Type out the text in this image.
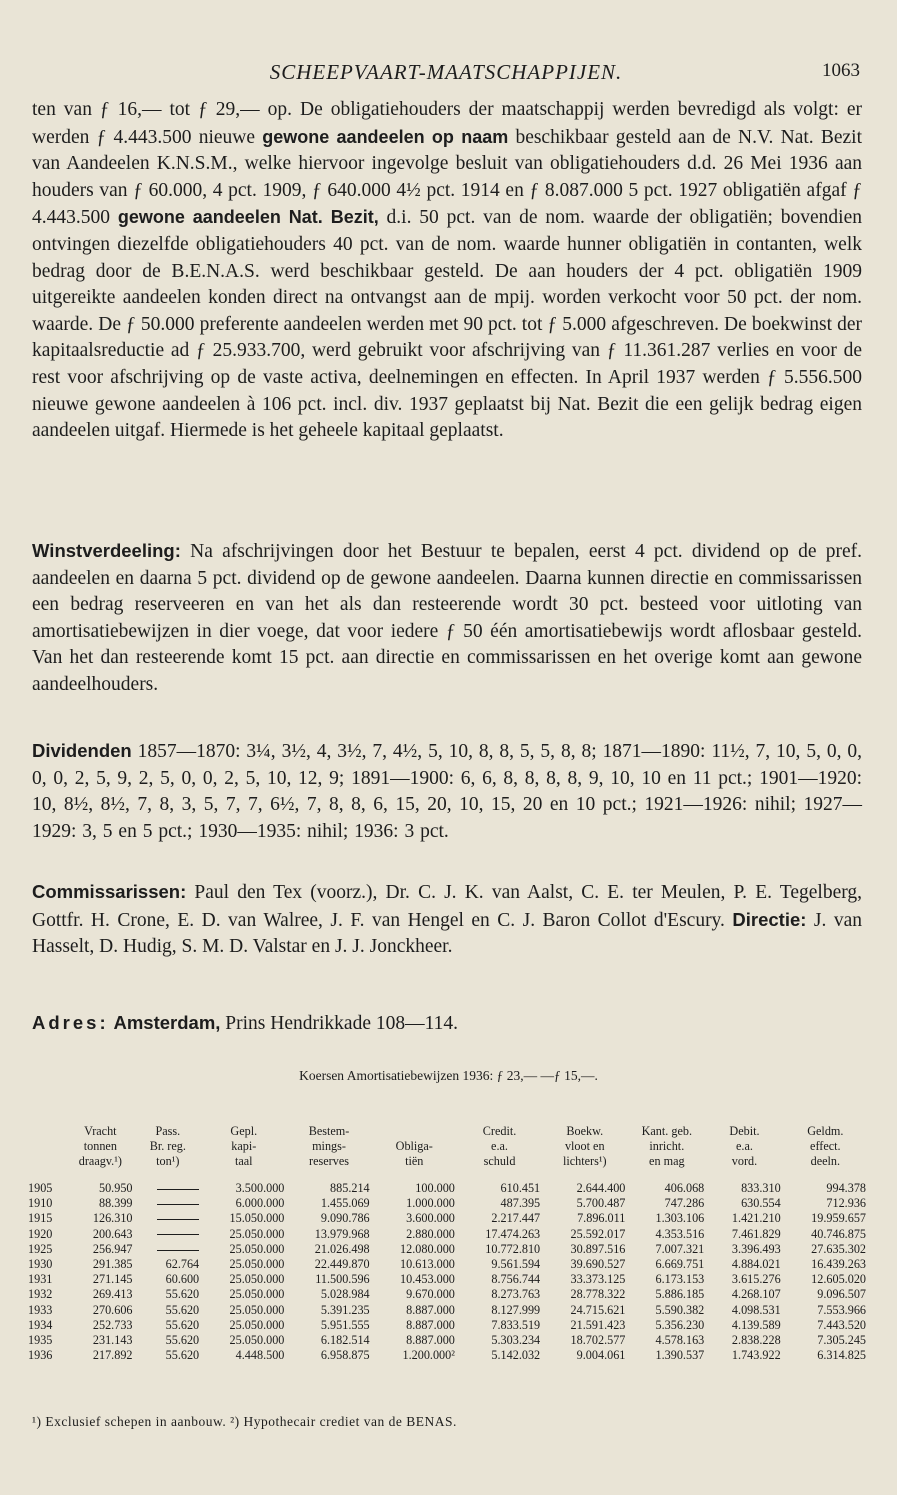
SCHEEPVAART-MAATSCHAPPIJEN.	1063

ten van ƒ 16,— tot ƒ 29,— op. De obligatiehouders der maatschappij werden bevredigd als volgt: er werden ƒ 4.443.500 nieuwe gewone aandeelen op naam beschikbaar gesteld aan de N.V. Nat. Bezit van Aandeelen K.N.S.M., welke hiervoor ingevolge besluit van obligatiehouders d.d. 26 Mei 1936 aan houders van ƒ 60.000, 4 pct. 1909, ƒ 640.000 4½ pct. 1914 en ƒ 8.087.000 5 pct. 1927 obligatiën afgaf ƒ 4.443.500 gewone aandeelen Nat. Bezit, d.i. 50 pct. van de nom. waarde der obligatiën; bovendien ontvingen diezelfde obligatiehouders 40 pct. van de nom. waarde hunner obligatiën in contanten, welk bedrag door de B.E.N.A.S. werd beschikbaar gesteld. De aan houders der 4 pct. obligatiën 1909 uitgereikte aandeelen konden direct na ontvangst aan de mpij. worden verkocht voor 50 pct. der nom. waarde. De ƒ 50.000 preferente aandeelen werden met 90 pct. tot ƒ 5.000 afgeschreven. De boekwinst der kapitaalsreductie ad ƒ 25.933.700, werd gebruikt voor afschrijving van ƒ 11.361.287 verlies en voor de rest voor afschrijving op de vaste activa, deelnemingen en effecten. In April 1937 werden ƒ 5.556.500 nieuwe gewone aandeelen à 106 pct. incl. div. 1937 geplaatst bij Nat. Bezit die een gelijk bedrag eigen aandeelen uitgaf. Hiermede is het geheele kapitaal geplaatst.

Winstverdeeling: Na afschrijvingen door het Bestuur te bepalen, eerst 4 pct. dividend op de pref. aandeelen en daarna 5 pct. dividend op de gewone aandeelen. Daarna kunnen directie en commissarissen een bedrag reserveeren en van het als dan resteerende wordt 30 pct. besteed voor uitloting van amortisatiebewijzen in dier voege, dat voor iedere ƒ 50 één amortisatiebewijs wordt aflosbaar gesteld. Van het dan resteerende komt 15 pct. aan directie en commissarissen en het overige komt aan gewone aandeelhouders.

Dividenden 1857—1870: 3¼, 3½, 4, 3½, 7, 4½, 5, 10, 8, 8, 5, 5, 8, 8; 1871—1890: 11½, 7, 10, 5, 0, 0, 0, 0, 2, 5, 9, 2, 5, 0, 0, 2, 5, 10, 12, 9; 1891—1900: 6, 6, 8, 8, 8, 8, 9, 10, 10 en 11 pct.; 1901—1920: 10, 8½, 8½, 7, 8, 3, 5, 7, 7, 6½, 7, 8, 8, 6, 15, 20, 10, 15, 20 en 10 pct.; 1921—1926: nihil; 1927—1929: 3, 5 en 5 pct.; 1930—1935: nihil; 1936: 3 pct.

Commissarissen: Paul den Tex (voorz.), Dr. C. J. K. van Aalst, C. E. ter Meulen, P. E. Tegelberg, Gottfr. H. Crone, E. D. van Walree, J. F. van Hengel en C. J. Baron Collot d'Escury. Directie: J. van Hasselt, D. Hudig, S. M. D. Valstar en J. J. Jonckheer.

Adres: Amsterdam, Prins Hendrikkade 108—114.

Koersen Amortisatiebewijzen 1936: ƒ 23,— —ƒ 15,—.
	Vracht	Pass.	Gepl.	Bestem-		Credit.	Boekw.	Kant. geb.	Debit.	Geldm.
	tonnen	Br. reg.	kapi-	mings-	Obliga-	e.a.	vloot en	inricht.	e.a.	effect.
	draagv.¹)	ton¹)	taal	reserves	tiën	schuld	lichters¹)	en mag	vord.	deeln.
1905	50.950		3.500.000	885.214	100.000	610.451	2.644.400	406.068	833.310	994.378
1910	88.399		6.000.000	1.455.069	1.000.000	487.395	5.700.487	747.286	630.554	712.936
1915	126.310		15.050.000	9.090.786	3.600.000	2.217.447	7.896.011	1.303.106	1.421.210	19.959.657
1920	200.643		25.050.000	13.979.968	2.880.000	17.474.263	25.592.017	4.353.516	7.461.829	40.746.875
1925	256.947		25.050.000	21.026.498	12.080.000	10.772.810	30.897.516	7.007.321	3.396.493	27.635.302
1930	291.385	62.764	25.050.000	22.449.870	10.613.000	9.561.594	39.690.527	6.669.751	4.884.021	16.439.263
1931	271.145	60.600	25.050.000	11.500.596	10.453.000	8.756.744	33.373.125	6.173.153	3.615.276	12.605.020
1932	269.413	55.620	25.050.000	5.028.984	9.670.000	8.273.763	28.778.322	5.886.185	4.268.107	9.096.507
1933	270.606	55.620	25.050.000	5.391.235	8.887.000	8.127.999	24.715.621	5.590.382	4.098.531	7.553.966
1934	252.733	55.620	25.050.000	5.951.555	8.887.000	7.833.519	21.591.423	5.356.230	4.139.589	7.443.520
1935	231.143	55.620	25.050.000	6.182.514	8.887.000	5.303.234	18.702.577	4.578.163	2.838.228	7.305.245
1936	217.892	55.620	4.448.500	6.958.875	1.200.000²	5.142.032	9.004.061	1.390.537	1.743.922	6.314.825
¹) Exclusief schepen in aanbouw. ²) Hypothecair crediet van de BENAS.
